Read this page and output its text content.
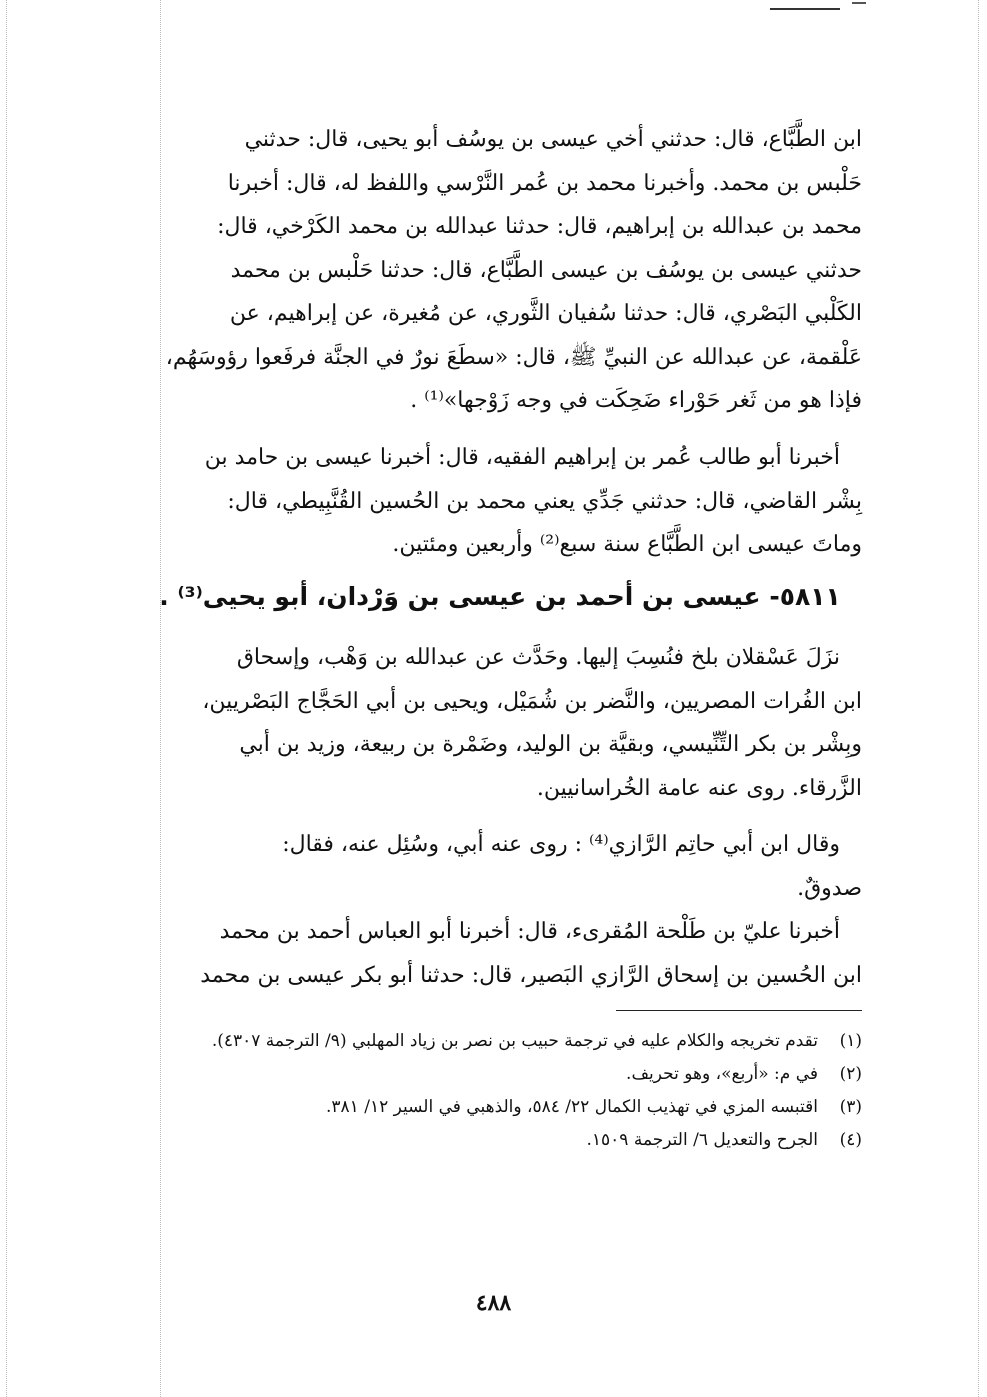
ابن الطَّبَّاع، قال: حدثني أخي عيسى بن يوسُف أبو يحيى، قال: حدثني

حَلْبس بن محمد. وأخبرنا محمد بن عُمر النَّرْسي واللفظ له، قال: أخبرنا

محمد بن عبدالله بن إبراهيم، قال: حدثنا عبدالله بن محمد الكَرْخي، قال:

حدثني عيسى بن يوسُف بن عيسى الطَّبَّاع، قال: حدثنا حَلْبس بن محمد

الكَلْبي البَصْري، قال: حدثنا سُفيان الثَّوري، عن مُغيرة، عن إبراهيم، عن

عَلْقمة، عن عبدالله عن النبيِّ ﷺ، قال: «سطَعَ نورٌ في الجنَّة فرفَعوا رؤوسَهُم،

فإذا هو من ثَغر حَوْراء ضَحِكَت في وجه زَوْجها»⁽¹⁾ .

أخبرنا أبو طالب عُمر بن إبراهيم الفقيه، قال: أخبرنا عيسى بن حامد بن

بِشْر القاضي، قال: حدثني جَدِّي يعني محمد بن الحُسين القُنَّبِيطي، قال:

وماتَ عيسى ابن الطَّبَّاع سنة سبع⁽²⁾ وأربعين ومئتين.

٥٨١١- عيسى بن أحمد بن عيسى بن وَرْدان، أبو يحيى⁽³⁾ .

نزَلَ عَسْقلان بلخ فنُسِبَ إليها. وحَدَّث عن عبدالله بن وَهْب، وإسحاق

ابن الفُرات المصريين، والنَّضر بن شُمَيْل، ويحيى بن أبي الحَجَّاج البَصْريين،

وبِشْر بن بكر التِّنِّيسي، وبقيَّة بن الوليد، وضَمْرة بن ربيعة، وزيد بن أبي

الزَّرقاء. روى عنه عامة الخُراسانيين.

وقال ابن أبي حاتِم الرَّازي⁽⁴⁾ : روى عنه أبي، وسُئِل عنه، فقال:

صدوقٌ.

أخبرنا عليّ بن طَلْحة المُقرىء، قال: أخبرنا أبو العباس أحمد بن محمد

ابن الحُسين بن إسحاق الرَّازي البَصير، قال: حدثنا أبو بكر عيسى بن محمد

(١)
تقدم تخريجه والكلام عليه في ترجمة حبيب بن نصر بن زياد المهلبي (٩/ الترجمة ٤٣٠٧).
(٢)
في م: «أربع»، وهو تحريف.
(٣)
اقتبسه المزي في تهذيب الكمال ٢٢/ ٥٨٤، والذهبي في السير ١٢/ ٣٨١.
(٤)
الجرح والتعديل ٦/ الترجمة ١٥٠٩.
٤٨٨
